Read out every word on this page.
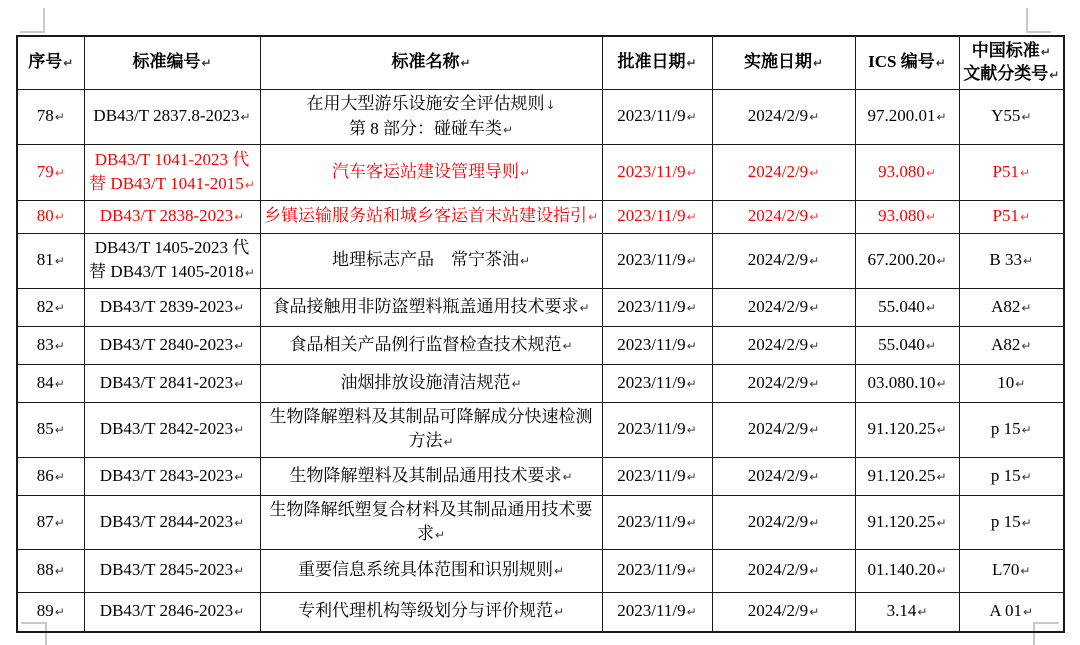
序号↵	标准编号↵	标准名称↵	批准日期↵	实施日期↵	ICS 编号↵	中国标准↵
文献分类号↵
78↵	DB43/T 2837.8-2023↵	在用大型游乐设施安全评估规则↓
第 8 部分：碰碰车类↵	2023/11/9↵	2024/2/9↵	97.200.01↵	Y55↵
79↵	DB43/T 1041-2023 代
替 DB43/T 1041-2015↵	汽车客运站建设管理导则↵	2023/11/9↵	2024/2/9↵	93.080↵	P51↵
80↵	DB43/T 2838-2023↵	乡镇运输服务站和城乡客运首末站建设指引↵	2023/11/9↵	2024/2/9↵	93.080↵	P51↵
81↵	DB43/T 1405-2023 代
替 DB43/T 1405-2018↵	地理标志产品　常宁茶油↵	2023/11/9↵	2024/2/9↵	67.200.20↵	B 33↵
82↵	DB43/T 2839-2023↵	食品接触用非防盗塑料瓶盖通用技术要求↵	2023/11/9↵	2024/2/9↵	55.040↵	A82↵
83↵	DB43/T 2840-2023↵	食品相关产品例行监督检查技术规范↵	2023/11/9↵	2024/2/9↵	55.040↵	A82↵
84↵	DB43/T 2841-2023↵	油烟排放设施清洁规范↵	2023/11/9↵	2024/2/9↵	03.080.10↵	10↵
85↵	DB43/T 2842-2023↵	生物降解塑料及其制品可降解成分快速检测
方法↵	2023/11/9↵	2024/2/9↵	91.120.25↵	p 15↵
86↵	DB43/T 2843-2023↵	生物降解塑料及其制品通用技术要求↵	2023/11/9↵	2024/2/9↵	91.120.25↵	p 15↵
87↵	DB43/T 2844-2023↵	生物降解纸塑复合材料及其制品通用技术要求↵	2023/11/9↵	2024/2/9↵	91.120.25↵	p 15↵
88↵	DB43/T 2845-2023↵	重要信息系统具体范围和识别规则↵	2023/11/9↵	2024/2/9↵	01.140.20↵	L70↵
89↵	DB43/T 2846-2023↵	专利代理机构等级划分与评价规范↵	2023/11/9↵	2024/2/9↵	3.14↵	A 01↵
